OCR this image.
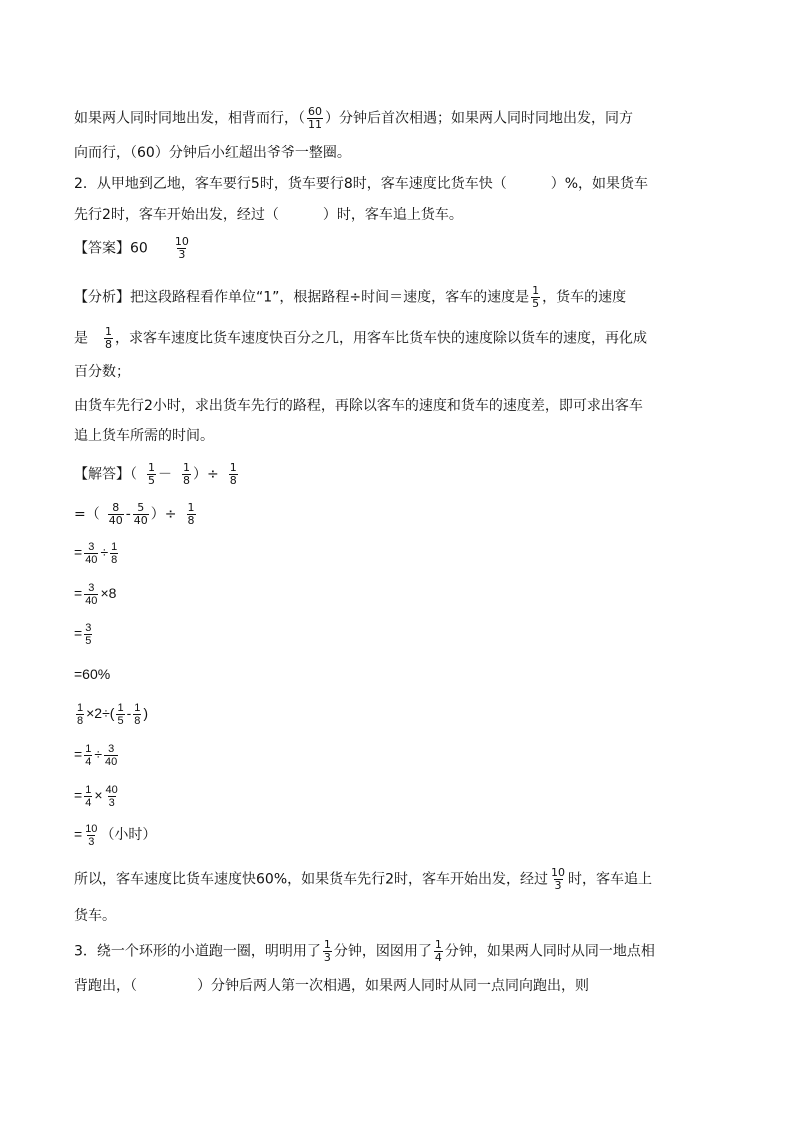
如果两人同时同地出发，相背而行，（ $\frac{60}{11}$ ）分钟后首次相遇；如果两人同时同地出发，同方
向而行，（60）分钟后小红超出爷爷一整圈。
2．从甲地到乙地，客车要行5时，货车要行8时，客车速度比货车快（	）%，如果货车
先行2时，客车开始出发，经过（	）时，客车追上货车。
【答案】$60 \frac{10}{3}$
【分析】把这段路程看作单位“1”，根据路程÷时间＝速度，客车的速度是 $\frac{1}{5}$ ，货车的速度
是 $\frac{1}{8}$ ，求客车速度比货车速度快百分之几，用客车比货车快的速度除以货车的速度，再化成
百分数；
由货车先行2小时，求出货车先行的路程，再除以客车的速度和货车的速度差，即可求出客车
追上货车所需的时间。
【解答】（ $\frac{1}{5} - \frac{1}{8}$ ）÷ $\frac{1}{8}$
=（ $\frac{8}{40} - \frac{5}{40}$ ）÷ $\frac{1}{8}$
= $\frac{3}{40} \div \frac{1}{8}$
= $\frac{3}{40} \times 8$
= $\frac{3}{5}$
=60%
$\frac{1}{8} \times 2\div( \frac{1}{5} - \frac{1}{8}$ )
= $\frac{1}{4} \div \frac{3}{40}$
= $\frac{1}{4} \times \frac{40}{3}$
= $\frac{10}{3}$ （小时）
所以，客车速度比货车速度快60%，如果货车先行2时，客车开始出发，经过 $\frac{10}{3}$ 时，客车追上
货车。
3．绕一个环形的小道跑一圈，明明用了 $\frac{1}{3}$ 分钟，囡囡用了 $\frac{1}{4}$ 分钟，如果两人同时从同一地点相
背跑出，（	）分钟后两人第一次相遇，如果两人同时从同一点同向跑出，则
